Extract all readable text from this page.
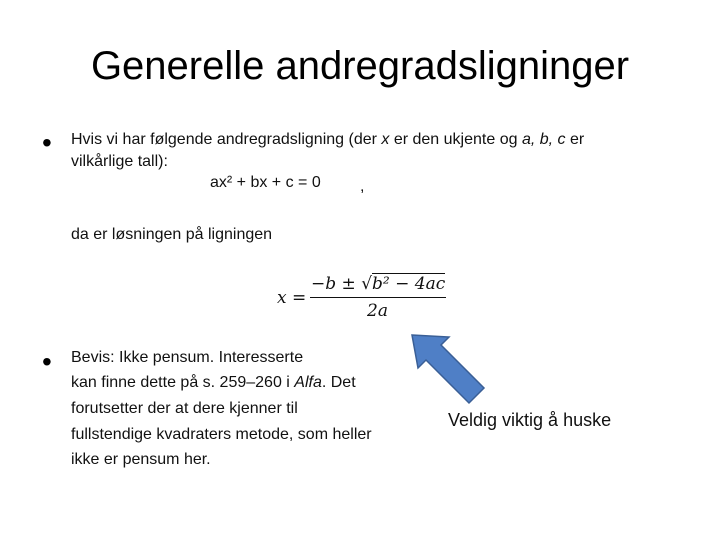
Generelle andregradsligninger
• Hvis vi har følgende andregradsligning (der x er den ukjente og a, b, c er
vilkårlige tall):
ax² + bx + c = 0 ,
da er løsningen på ligningen
x =
−b ± √b² − 4ac
2a
• Bevis: Ikke pensum. Interesserte
kan finne dette på s. 259–260 i Alfa. Det
forutsetter der at dere kjenner til
fullstendige kvadraters metode, som heller
ikke er pensum her.
Veldig viktig å huske
